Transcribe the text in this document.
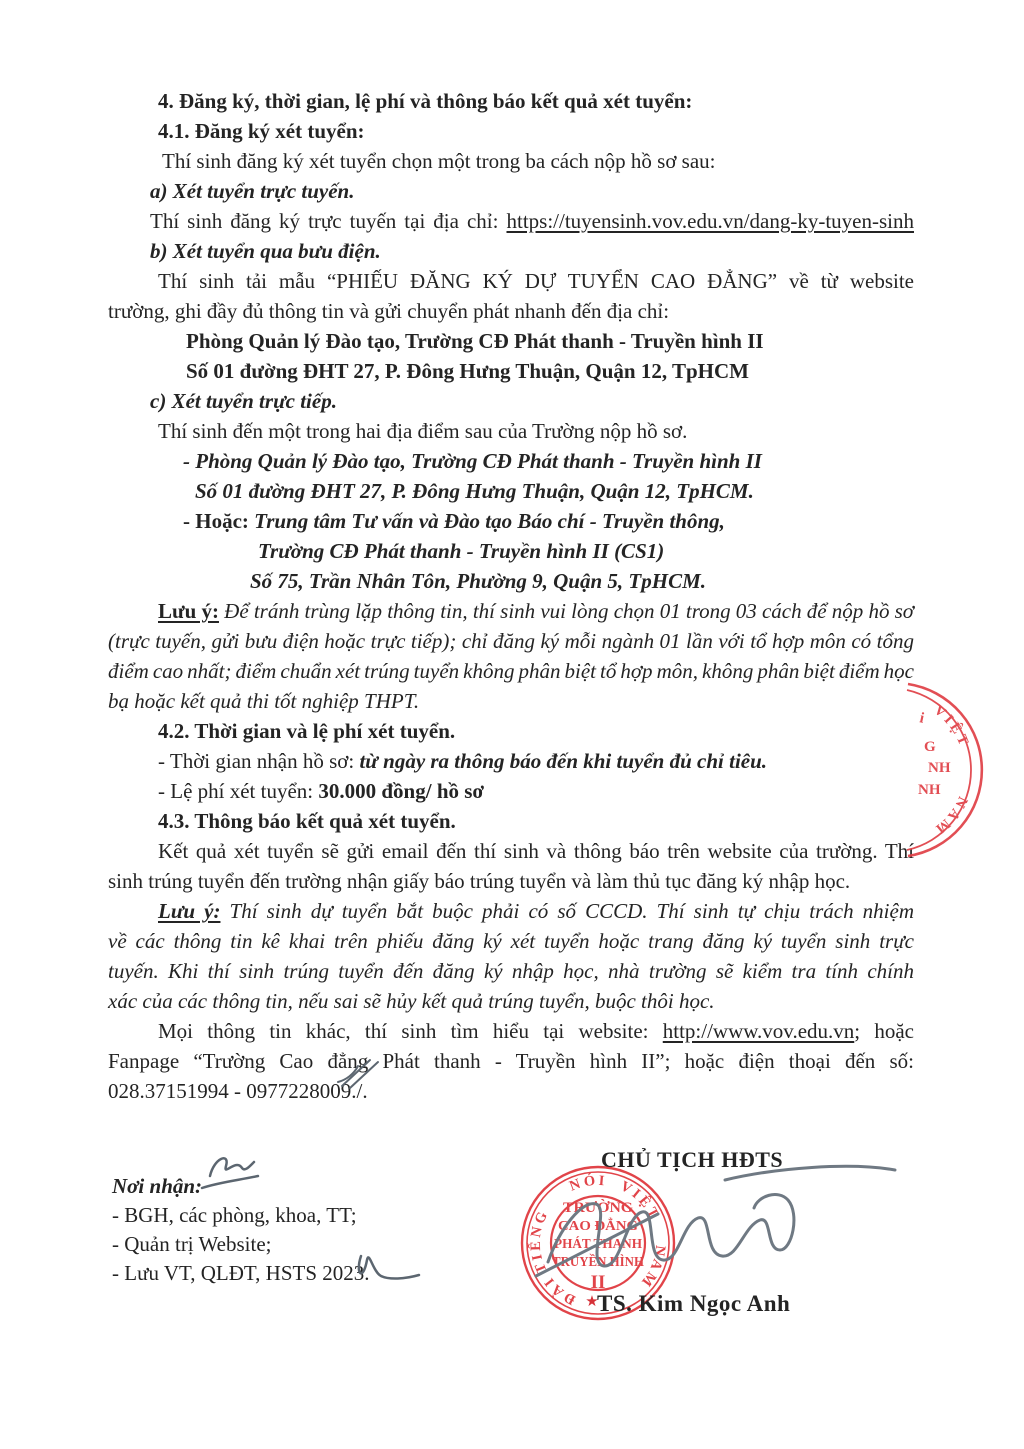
4. Đăng ký, thời gian, lệ phí và thông báo kết quả xét tuyển:
4.1. Đăng ký xét tuyển:
Thí sinh đăng ký xét tuyển chọn một trong ba cách nộp hồ sơ sau:
a) Xét tuyển trực tuyến.
Thí sinh đăng ký trực tuyến tại địa chỉ: https://tuyensinh.vov.edu.vn/dang-ky-tuyen-sinh
b) Xét tuyển qua bưu điện.
Thí sinh tải mẫu “PHIẾU ĐĂNG KÝ DỰ TUYỂN CAO ĐẲNG” về từ website
trường, ghi đầy đủ thông tin và gửi chuyển phát nhanh đến địa chỉ:
Phòng Quản lý Đào tạo, Trường CĐ Phát thanh - Truyền hình II
Số 01 đường ĐHT 27, P. Đông Hưng Thuận, Quận 12, TpHCM
c) Xét tuyển trực tiếp.
Thí sinh đến một trong hai địa điểm sau của Trường nộp hồ sơ.
- Phòng Quản lý Đào tạo, Trường CĐ Phát thanh - Truyền hình II
Số 01 đường ĐHT 27, P. Đông Hưng Thuận, Quận 12, TpHCM.
- Hoặc: Trung tâm Tư vấn và Đào tạo Báo chí - Truyền thông,
Trường CĐ Phát thanh - Truyền hình II (CS1)
Số 75, Trần Nhân Tôn, Phường 9, Quận 5, TpHCM.
Lưu ý: Để tránh trùng lặp thông tin, thí sinh vui lòng chọn 01 trong 03 cách để nộp hồ sơ
(trực tuyến, gửi bưu điện hoặc trực tiếp); chỉ đăng ký mỗi ngành 01 lần với tổ hợp môn có tổng
điểm cao nhất; điểm chuẩn xét trúng tuyển không phân biệt tổ hợp môn, không phân biệt điểm học
bạ hoặc kết quả thi tốt nghiệp THPT.
4.2. Thời gian và lệ phí xét tuyển.
- Thời gian nhận hồ sơ: từ ngày ra thông báo đến khi tuyển đủ chỉ tiêu.
- Lệ phí xét tuyển: 30.000 đồng/ hồ sơ
4.3. Thông báo kết quả xét tuyển.
Kết quả xét tuyển sẽ gửi email đến thí sinh và thông báo trên website của trường. Thí
sinh trúng tuyển đến trường nhận giấy báo trúng tuyển và làm thủ tục đăng ký nhập học.
Lưu ý: Thí sinh dự tuyển bắt buộc phải có số CCCD. Thí sinh tự chịu trách nhiệm
về các thông tin kê khai trên phiếu đăng ký xét tuyển hoặc trang đăng ký tuyển sinh trực
tuyến. Khi thí sinh trúng tuyển đến đăng ký nhập học, nhà trường sẽ kiểm tra tính chính
xác của các thông tin, nếu sai sẽ hủy kết quả trúng tuyển, buộc thôi học.
Mọi thông tin khác, thí sinh tìm hiểu tại website: http://www.vov.edu.vn; hoặc
Fanpage “Trường Cao đẳng Phát thanh - Truyền hình II”; hoặc điện thoại đến số:
028.37151994 - 0977228009./.
VIỆT
NAM
i
G
NH
NH
Nơi nhận:
- BGH, các phòng, khoa, TT;
- Quản trị Website;
- Lưu VT, QLĐT, HSTS 2023.
CHỦ TỊCH HĐTS
TS. Kim Ngọc Anh
ĐÀI
TIẾNG
NÓI VIỆT
NAM
TRƯỜNG
CAO ĐẲNG
PHÁT THANH
TRUYỀN HÌNH
II
★
